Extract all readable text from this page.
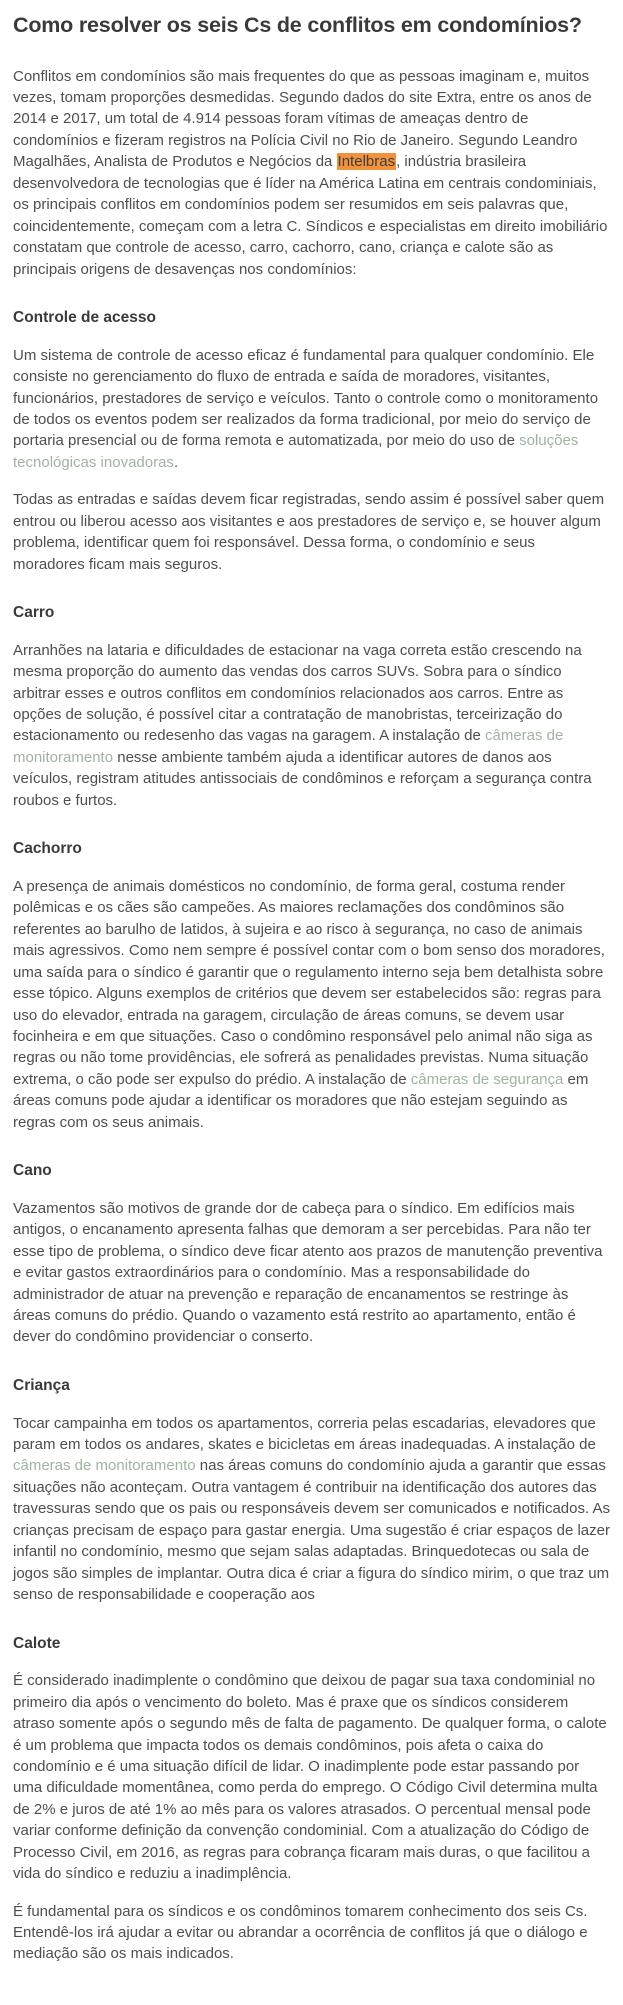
Como resolver os seis Cs de conflitos em condomínios?

Conflitos em condomínios são mais frequentes do que as pessoas imaginam e, muitos vezes, tomam proporções desmedidas. Segundo dados do site Extra, entre os anos de 2014 e 2017, um total de 4.914 pessoas foram vítimas de ameaças dentro de condomínios e fizeram registros na Polícia Civil no Rio de Janeiro. Segundo Leandro Magalhães, Analista de Produtos e Negócios da Intelbras, indústria brasileira desenvolvedora de tecnologias que é líder na América Latina em centrais condominiais, os principais conflitos em condomínios podem ser resumidos em seis palavras que, coincidentemente, começam com a letra C. Síndicos e especialistas em direito imobiliário constatam que controle de acesso, carro, cachorro, cano, criança e calote são as principais origens de desavenças nos condomínios:

Controle de acesso

Um sistema de controle de acesso eficaz é fundamental para qualquer condomínio. Ele consiste no gerenciamento do fluxo de entrada e saída de moradores, visitantes, funcionários, prestadores de serviço e veículos. Tanto o controle como o monitoramento de todos os eventos podem ser realizados da forma tradicional, por meio do serviço de portaria presencial ou de forma remota e automatizada, por meio do uso de soluções tecnológicas inovadoras.

Todas as entradas e saídas devem ficar registradas, sendo assim é possível saber quem entrou ou liberou acesso aos visitantes e aos prestadores de serviço e, se houver algum problema, identificar quem foi responsável. Dessa forma, o condomínio e seus moradores ficam mais seguros.

Carro

Arranhões na lataria e dificuldades de estacionar na vaga correta estão crescendo na mesma proporção do aumento das vendas dos carros SUVs. Sobra para o síndico arbitrar esses e outros conflitos em condomínios relacionados aos carros. Entre as opções de solução, é possível citar a contratação de manobristas, terceirização do estacionamento ou redesenho das vagas na garagem. A instalação de câmeras de monitoramento nesse ambiente também ajuda a identificar autores de danos aos veículos, registram atitudes antissociais de condôminos e reforçam a segurança contra roubos e furtos.

Cachorro

A presença de animais domésticos no condomínio, de forma geral, costuma render polêmicas e os cães são campeões. As maiores reclamações dos condôminos são referentes ao barulho de latidos, à sujeira e ao risco à segurança, no caso de animais mais agressivos. Como nem sempre é possível contar com o bom senso dos moradores, uma saída para o síndico é garantir que o regulamento interno seja bem detalhista sobre esse tópico. Alguns exemplos de critérios que devem ser estabelecidos são: regras para uso do elevador, entrada na garagem, circulação de áreas comuns, se devem usar focinheira e em que situações. Caso o condômino responsável pelo animal não siga as regras ou não tome providências, ele sofrerá as penalidades previstas. Numa situação extrema, o cão pode ser expulso do prédio. A instalação de câmeras de segurança em áreas comuns pode ajudar a identificar os moradores que não estejam seguindo as regras com os seus animais.

Cano

Vazamentos são motivos de grande dor de cabeça para o síndico. Em edifícios mais antigos, o encanamento apresenta falhas que demoram a ser percebidas. Para não ter esse tipo de problema, o síndico deve ficar atento aos prazos de manutenção preventiva e evitar gastos extraordinários para o condomínio. Mas a responsabilidade do administrador de atuar na prevenção e reparação de encanamentos se restringe às áreas comuns do prédio. Quando o vazamento está restrito ao apartamento, então é dever do condômino providenciar o conserto.

Criança

Tocar campainha em todos os apartamentos, correria pelas escadarias, elevadores que param em todos os andares, skates e bicicletas em áreas inadequadas. A instalação de câmeras de monitoramento nas áreas comuns do condomínio ajuda a garantir que essas situações não aconteçam. Outra vantagem é contribuir na identificação dos autores das travessuras sendo que os pais ou responsáveis devem ser comunicados e notificados. As crianças precisam de espaço para gastar energia. Uma sugestão é criar espaços de lazer infantil no condomínio, mesmo que sejam salas adaptadas. Brinquedotecas ou sala de jogos são simples de implantar. Outra dica é criar a figura do síndico mirim, o que traz um senso de responsabilidade e cooperação aos

Calote

É considerado inadimplente o condômino que deixou de pagar sua taxa condominial no primeiro dia após o vencimento do boleto. Mas é praxe que os síndicos considerem atraso somente após o segundo mês de falta de pagamento. De qualquer forma, o calote é um problema que impacta todos os demais condôminos, pois afeta o caixa do condomínio e é uma situação difícil de lidar. O inadimplente pode estar passando por uma dificuldade momentânea, como perda do emprego. O Código Civil determina multa de 2% e juros de até 1% ao mês para os valores atrasados. O percentual mensal pode variar conforme definição da convenção condominial. Com a atualização do Código de Processo Civil, em 2016, as regras para cobrança ficaram mais duras, o que facilitou a vida do síndico e reduziu a inadimplência.

É fundamental para os síndicos e os condôminos tomarem conhecimento dos seis Cs. Entendê-los irá ajudar a evitar ou abrandar a ocorrência de conflitos já que o diálogo e mediação são os mais indicados.
